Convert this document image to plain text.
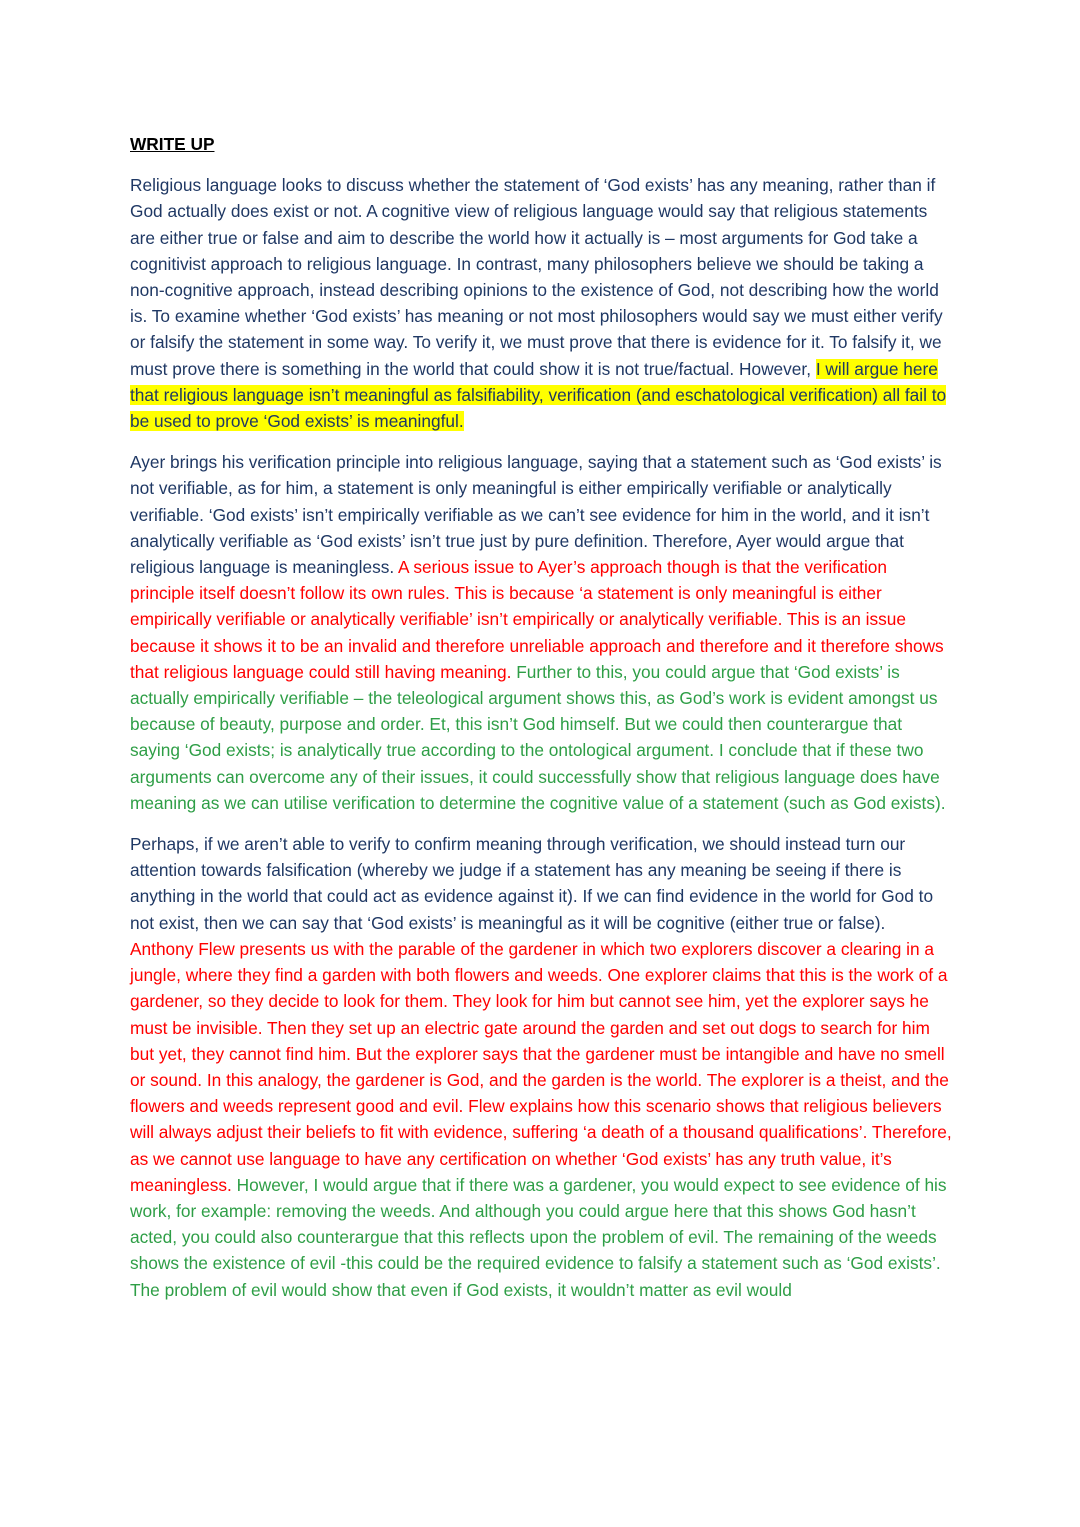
WRITE UP

Religious language looks to discuss whether the statement of ‘God exists’ has any meaning, rather than if God actually does exist or not. A cognitive view of religious language would say that religious statements are either true or false and aim to describe the world how it actually is – most arguments for God take a cognitivist approach to religious language. In contrast, many philosophers believe we should be taking a non-cognitive approach, instead describing opinions to the existence of God, not describing how the world is. To examine whether ‘God exists’ has meaning or not most philosophers would say we must either verify or falsify the statement in some way. To verify it, we must prove that there is evidence for it. To falsify it, we must prove there is something in the world that could show it is not true/factual. However, I will argue here that religious language isn’t meaningful as falsifiability, verification (and eschatological verification) all fail to be used to prove ‘God exists’ is meaningful.

Ayer brings his verification principle into religious language, saying that a statement such as ‘God exists’ is not verifiable, as for him, a statement is only meaningful is either empirically verifiable or analytically verifiable. ‘God exists’ isn’t empirically verifiable as we can’t see evidence for him in the world, and it isn’t analytically verifiable as ‘God exists’ isn’t true just by pure definition. Therefore, Ayer would argue that religious language is meaningless. A serious issue to Ayer’s approach though is that the verification principle itself doesn’t follow its own rules. This is because ‘a statement is only meaningful is either empirically verifiable or analytically verifiable’ isn’t empirically or analytically verifiable. This is an issue because it shows it to be an invalid and therefore unreliable approach and therefore and it therefore shows that religious language could still having meaning. Further to this, you could argue that ‘God exists’ is actually empirically verifiable – the teleological argument shows this, as God’s work is evident amongst us because of beauty, purpose and order. Et, this isn’t God himself. But we could then counterargue that saying ‘God exists; is analytically true according to the ontological argument. I conclude that if these two arguments can overcome any of their issues, it could successfully show that religious language does have meaning as we can utilise verification to determine the cognitive value of a statement (such as God exists).

Perhaps, if we aren’t able to verify to confirm meaning through verification, we should instead turn our attention towards falsification (whereby we judge if a statement has any meaning be seeing if there is anything in the world that could act as evidence against it). If we can find evidence in the world for God to not exist, then we can say that ‘God exists’ is meaningful as it will be cognitive (either true or false). Anthony Flew presents us with the parable of the gardener in which two explorers discover a clearing in a jungle, where they find a garden with both flowers and weeds. One explorer claims that this is the work of a gardener, so they decide to look for them. They look for him but cannot see him, yet the explorer says he must be invisible. Then they set up an electric gate around the garden and set out dogs to search for him but yet, they cannot find him. But the explorer says that the gardener must be intangible and have no smell or sound. In this analogy, the gardener is God, and the garden is the world. The explorer is a theist, and the flowers and weeds represent good and evil. Flew explains how this scenario shows that religious believers will always adjust their beliefs to fit with evidence, suffering ‘a death of a thousand qualifications’. Therefore, as we cannot use language to have any certification on whether ‘God exists’ has any truth value, it’s meaningless. However, I would argue that if there was a gardener, you would expect to see evidence of his work, for example: removing the weeds. And although you could argue here that this shows God hasn’t acted, you could also counterargue that this reflects upon the problem of evil. The remaining of the weeds shows the existence of evil -this could be the required evidence to falsify a statement such as ‘God exists’. The problem of evil would show that even if God exists, it wouldn’t matter as evil would
